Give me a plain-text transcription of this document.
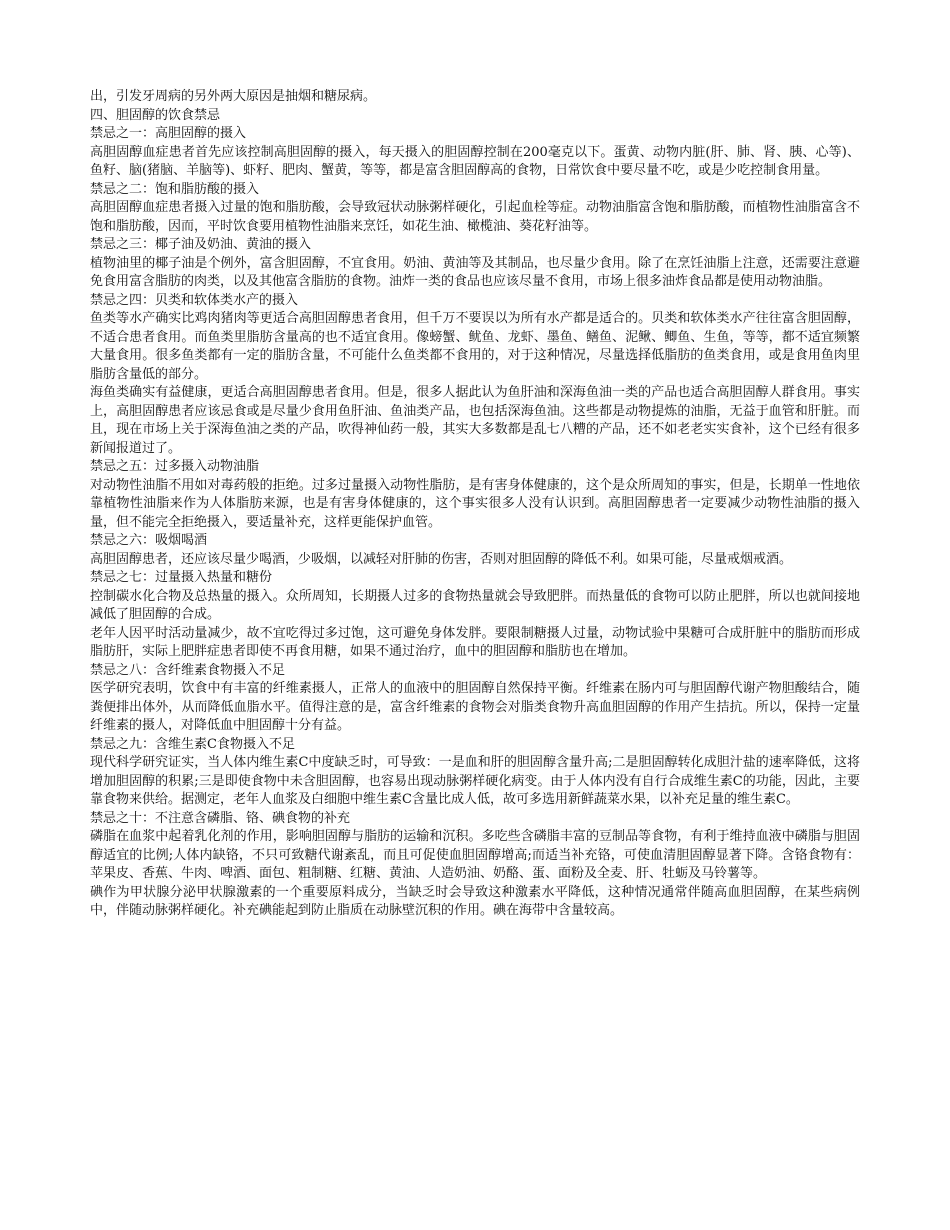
出，引发牙周病的另外两大原因是抽烟和糖尿病。

四、胆固醇的饮食禁忌

禁忌之一：高胆固醇的摄入

高胆固醇血症患者首先应该控制高胆固醇的摄入，每天摄入的胆固醇控制在200毫克以下。蛋黄、动物内脏(肝、肺、肾、胰、心等)、鱼籽、脑(猪脑、羊脑等)、虾籽、肥肉、蟹黄，等等，都是富含胆固醇高的食物，日常饮食中要尽量不吃，或是少吃控制食用量。

禁忌之二：饱和脂肪酸的摄入

高胆固醇血症患者摄入过量的饱和脂肪酸，会导致冠状动脉粥样硬化，引起血栓等症。动物油脂富含饱和脂肪酸，而植物性油脂富含不饱和脂肪酸，因而，平时饮食要用植物性油脂来烹饪，如花生油、橄榄油、葵花籽油等。

禁忌之三：椰子油及奶油、黄油的摄入

植物油里的椰子油是个例外，富含胆固醇，不宜食用。奶油、黄油等及其制品，也尽量少食用。除了在烹饪油脂上注意，还需要注意避免食用富含脂肪的肉类，以及其他富含脂肪的食物。油炸一类的食品也应该尽量不食用，市场上很多油炸食品都是使用动物油脂。

禁忌之四：贝类和软体类水产的摄入

鱼类等水产确实比鸡肉猪肉等更适合高胆固醇患者食用，但千万不要误以为所有水产都是适合的。贝类和软体类水产往往富含胆固醇，不适合患者食用。而鱼类里脂肪含量高的也不适宜食用。像螃蟹、鱿鱼、龙虾、墨鱼、鳝鱼、泥鳅、鲫鱼、生鱼，等等，都不适宜频繁大量食用。很多鱼类都有一定的脂肪含量，不可能什么鱼类都不食用的，对于这种情况，尽量选择低脂肪的鱼类食用，或是食用鱼肉里脂肪含量低的部分。

海鱼类确实有益健康，更适合高胆固醇患者食用。但是，很多人据此认为鱼肝油和深海鱼油一类的产品也适合高胆固醇人群食用。事实上，高胆固醇患者应该忌食或是尽量少食用鱼肝油、鱼油类产品，也包括深海鱼油。这些都是动物提炼的油脂，无益于血管和肝脏。而且，现在市场上关于深海鱼油之类的产品，吹得神仙药一般，其实大多数都是乱七八糟的产品，还不如老老实实食补，这个已经有很多新闻报道过了。

禁忌之五：过多摄入动物油脂

对动物性油脂不用如对毒药般的拒绝。过多过量摄入动物性脂肪，是有害身体健康的，这个是众所周知的事实，但是，长期单一性地依靠植物性油脂来作为人体脂肪来源，也是有害身体健康的，这个事实很多人没有认识到。高胆固醇患者一定要减少动物性油脂的摄入量，但不能完全拒绝摄入，要适量补充，这样更能保护血管。

禁忌之六：吸烟喝酒

高胆固醇患者，还应该尽量少喝酒，少吸烟，以减轻对肝肺的伤害，否则对胆固醇的降低不利。如果可能，尽量戒烟戒酒。

禁忌之七：过量摄入热量和糖份

控制碳水化合物及总热量的摄入。众所周知，长期摄人过多的食物热量就会导致肥胖。而热量低的食物可以防止肥胖，所以也就间接地减低了胆固醇的合成。

老年人因平时活动量减少，故不宜吃得过多过饱，这可避免身体发胖。要限制糖摄人过量，动物试验中果糖可合成肝脏中的脂肪而形成脂肪肝，实际上肥胖症患者即使不再食用糖，如果不通过治疗，血中的胆固醇和脂肪也在增加。

禁忌之八：含纤维素食物摄入不足

医学研究表明，饮食中有丰富的纤维素摄人，正常人的血液中的胆固醇自然保持平衡。纤维素在肠内可与胆固醇代谢产物胆酸结合，随粪便排出体外，从而降低血脂水平。值得注意的是，富含纤维素的食物会对脂类食物升高血胆固醇的作用产生拮抗。所以，保持一定量纤维素的摄人，对降低血中胆固醇十分有益。

禁忌之九：含维生素C食物摄入不足

现代科学研究证实，当人体内维生素C中度缺乏时，可导致：一是血和肝的胆固醇含量升高;二是胆固醇转化成胆汁盐的速率降低，这将增加胆固醇的积累;三是即使食物中未含胆固醇，也容易出现动脉粥样硬化病变。由于人体内没有自行合成维生素C的功能，因此，主要靠食物来供给。据测定，老年人血浆及白细胞中维生素C含量比成人低，故可多选用新鲜蔬菜水果，以补充足量的维生素C。

禁忌之十：不注意含磷脂、铬、碘食物的补充

磷脂在血浆中起着乳化剂的作用，影响胆固醇与脂肪的运输和沉积。多吃些含磷脂丰富的豆制品等食物，有利于维持血液中磷脂与胆固醇适宜的比例;人体内缺铬，不只可致糖代谢紊乱，而且可促使血胆固醇增高;而适当补充铬，可使血清胆固醇显著下降。含铬食物有：苹果皮、香蕉、牛肉、啤酒、面包、粗制糖、红糖、黄油、人造奶油、奶酪、蛋、面粉及全麦、肝、牡蛎及马铃薯等。

碘作为甲状腺分泌甲状腺激素的一个重要原料成分，当缺乏时会导致这种激素水平降低，这种情况通常伴随高血胆固醇，在某些病例中，伴随动脉粥样硬化。补充碘能起到防止脂质在动脉壁沉积的作用。碘在海带中含量较高。
